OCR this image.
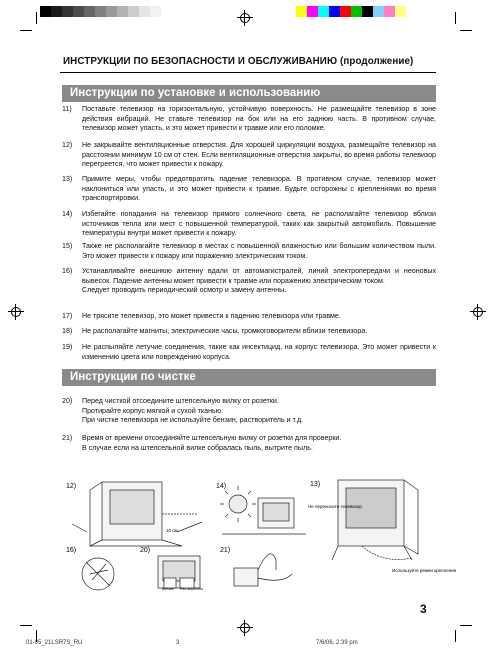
ИНСТРУКЦИИ ПО БЕЗОПАСНОСТИ И ОБСЛУЖИВАНИЮ (продолжение)
Инструкции по установке и использованию
11) Поставьте телевизор на горизонтальную, устойчивую поверхность. Не размещайте телевизор в зоне действия вибраций. Не ставьте телевизор на бок или на его заднюю часть. В противном случае, телевизор может упасть, и это может привести к травме или его поломке.
12) Не закрывайте вентиляционные отверстия. Для хорошей циркуляции воздуха, размещайте телевизор на расстоянии минимум 10 см от стен. Если вентиляционные отверстия закрыты, во время работы телевизор перегреется, что может привести к пожару.
13) Примите меры, чтобы предотвратить падение телевизора. В противном случае, телевизор может наклониться или упасть, и это может привести к травме. Будьте осторожны с креплениями во время транспортировки.
14) Избегайте попадания на телевизор прямого солнечного света, не располагайте телевизор вблизи источников тепла или мест с повышенной температурой, таких как закрытый автомобиль. Повышение температуры внутри может привести к пожару.
15) Также не располагайте телевизор в местах с повышенной влажностью или большим количеством пыли. Это может привести к пожару или поражению электрическим током.
16) Устанавливайте внешнюю антенну вдали от автомагистралей, линий электропередачи и неоновых вывесок. Падение антенны может привести к травме или поражению электрическим током.
Следует проводить периодический осмотр и замену антенны.
17) Не трясите телевизор, это может привести к падению телевизора или травме.
18) Не располагайте магниты, электрические часы, громкоговорители вблизи телевизора.
19) Не распыляйте летучие соединения, такие как инсектицид, на корпус телевизора. Это может привести к изменению цвета или повреждению корпуса.
Инструкции по чистке
20) Перед чисткой отсоедините штепсельную вилку от розетки.
Протирайте корпус мягкой и сухой тканью.
При чистке телевизора не используйте бензин, растворитель и т.д.
21) Время от времени отсоединяйте штепсельную вилку от розетки для проверки.
В случае если на штепсельной вилке собралась пыль, вытрите пыль.
12)	14)	13)
16)	20)	21)
10 см
Не переносите телевизор
Используйте ремни крепления
Бензин Растворитель
3
01-05_21LSR7S_RU	3	7/6/06, 2:39 pm
